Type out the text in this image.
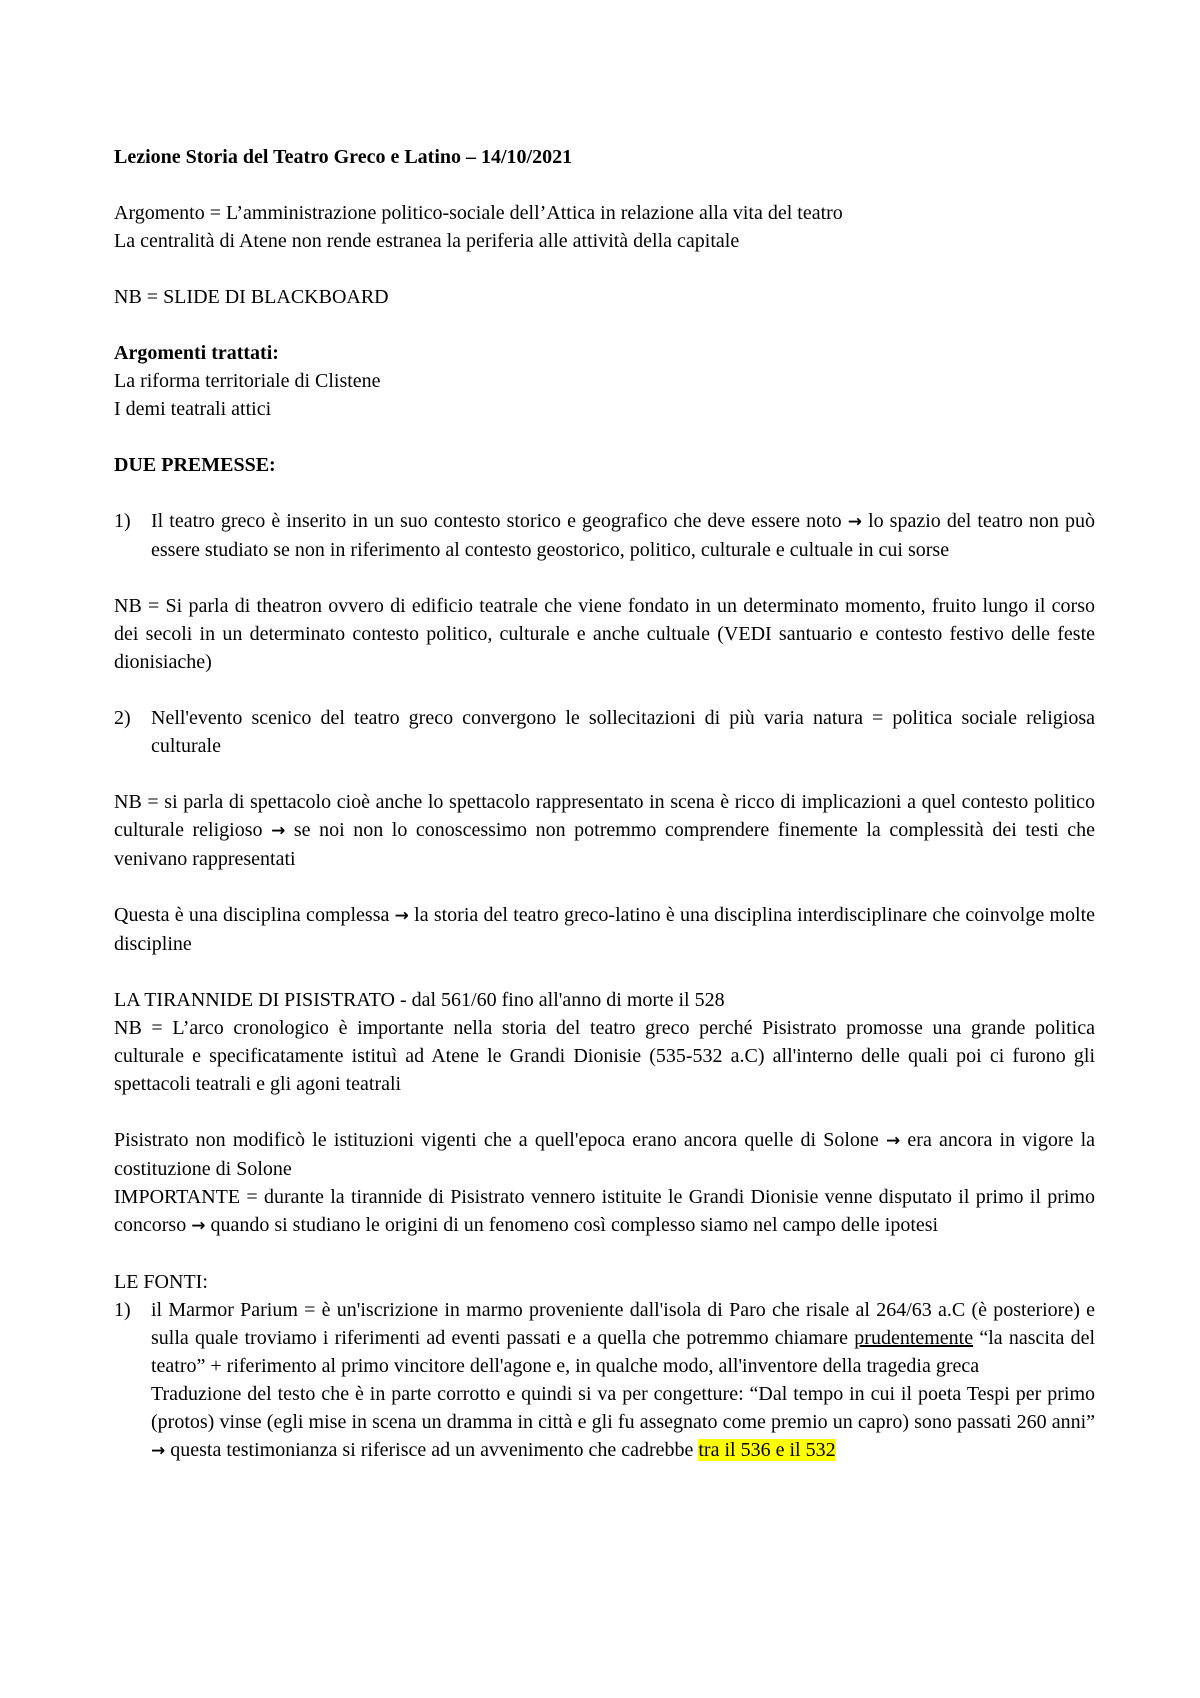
Lezione Storia del Teatro Greco e Latino – 14/10/2021

Argomento = L’amministrazione politico-sociale dell’Attica in relazione alla vita del teatro

La centralità di Atene non rende estranea la periferia alle attività della capitale

NB = SLIDE DI BLACKBOARD

Argomenti trattati:

La riforma territoriale di Clistene

I demi teatrali attici

DUE PREMESSE:

1) Il teatro greco è inserito in un suo contesto storico e geografico che deve essere noto → lo spazio del teatro non può essere studiato se non in riferimento al contesto geostorico, politico, culturale e cultuale in cui sorse

NB = Si parla di theatron ovvero di edificio teatrale che viene fondato in un determinato momento, fruito lungo il corso dei secoli in un determinato contesto politico, culturale e anche cultuale (VEDI santuario e contesto festivo delle feste dionisiache)

2) Nell'evento scenico del teatro greco convergono le sollecitazioni di più varia natura = politica sociale religiosa culturale

NB = si parla di spettacolo cioè anche lo spettacolo rappresentato in scena è ricco di implicazioni a quel contesto politico culturale religioso → se noi non lo conoscessimo non potremmo comprendere finemente la complessità dei testi che venivano rappresentati

Questa è una disciplina complessa → la storia del teatro greco-latino è una disciplina interdisciplinare che coinvolge molte discipline

LA TIRANNIDE DI PISISTRATO - dal 561/60 fino all'anno di morte il 528

NB = L’arco cronologico è importante nella storia del teatro greco perché Pisistrato promosse una grande politica culturale e specificatamente istituì ad Atene le Grandi Dionisie (535-532 a.C) all'interno delle quali poi ci furono gli spettacoli teatrali e gli agoni teatrali

Pisistrato non modificò le istituzioni vigenti che a quell'epoca erano ancora quelle di Solone → era ancora in vigore la costituzione di Solone

IMPORTANTE = durante la tirannide di Pisistrato vennero istituite le Grandi Dionisie venne disputato il primo il primo concorso → quando si studiano le origini di un fenomeno così complesso siamo nel campo delle ipotesi

LE FONTI:

1) il Marmor Parium = è un'iscrizione in marmo proveniente dall'isola di Paro che risale al 264/63 a.C (è posteriore) e sulla quale troviamo i riferimenti ad eventi passati e a quella che potremmo chiamare prudentemente “la nascita del teatro” + riferimento al primo vincitore dell'agone e, in qualche modo, all'inventore della tragedia greca
Traduzione del testo che è in parte corrotto e quindi si va per congetture: “Dal tempo in cui il poeta Tespi per primo (protos) vinse (egli mise in scena un dramma in città e gli fu assegnato come premio un capro) sono passati 260 anni” → questa testimonianza si riferisce ad un avvenimento che cadrebbe tra il 536 e il 532
